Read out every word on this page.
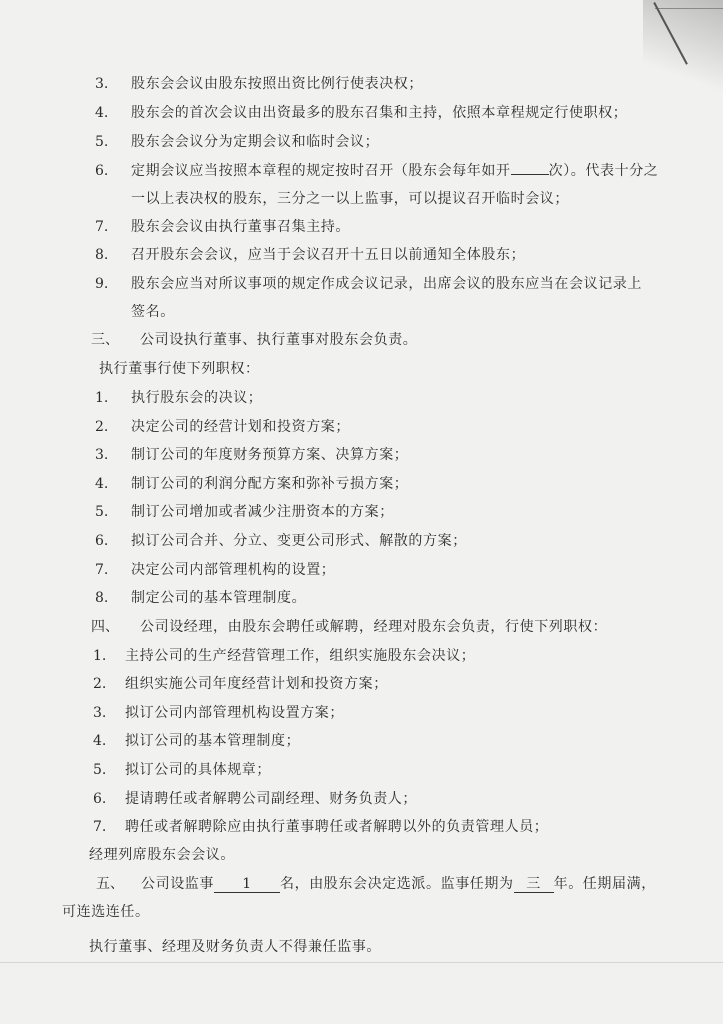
3. 股东会会议由股东按照出资比例行使表决权；
4. 股东会的首次会议由出资最多的股东召集和主持，依照本章程规定行使职权；
5. 股东会会议分为定期会议和临时会议；
6. 定期会议应当按照本章程的规定按时召开（股东会每年如开	次）。代表十分之
一以上表决权的股东，三分之一以上监事，可以提议召开临时会议；
7. 股东会会议由执行董事召集主持。
8. 召开股东会会议，应当于会议召开十五日以前通知全体股东；
9. 股东会应当对所议事项的规定作成会议记录，出席会议的股东应当在会议记录上
签名。
三、 公司设执行董事、执行董事对股东会负责。
执行董事行使下列职权：
1. 执行股东会的决议；
2. 决定公司的经营计划和投资方案；
3. 制订公司的年度财务预算方案、决算方案；
4. 制订公司的利润分配方案和弥补亏损方案；
5. 制订公司增加或者减少注册资本的方案；
6. 拟订公司合并、分立、变更公司形式、解散的方案；
7. 决定公司内部管理机构的设置；
8. 制定公司的基本管理制度。
四、 公司设经理，由股东会聘任或解聘，经理对股东会负责，行使下列职权：
1. 主持公司的生产经营管理工作，组织实施股东会决议；
2. 组织实施公司年度经营计划和投资方案；
3. 拟订公司内部管理机构设置方案；
4. 拟订公司的基本管理制度；
5. 拟订公司的具体规章；
6. 提请聘任或者解聘公司副经理、财务负责人；
7. 聘任或者解聘除应由执行董事聘任或者解聘以外的负责管理人员；
经理列席股东会会议。
五、 公司设监事 1 名，由股东会决定选派。监事任期为 三 年。任期届满，
可连选连任。
执行董事、经理及财务负责人不得兼任监事。
